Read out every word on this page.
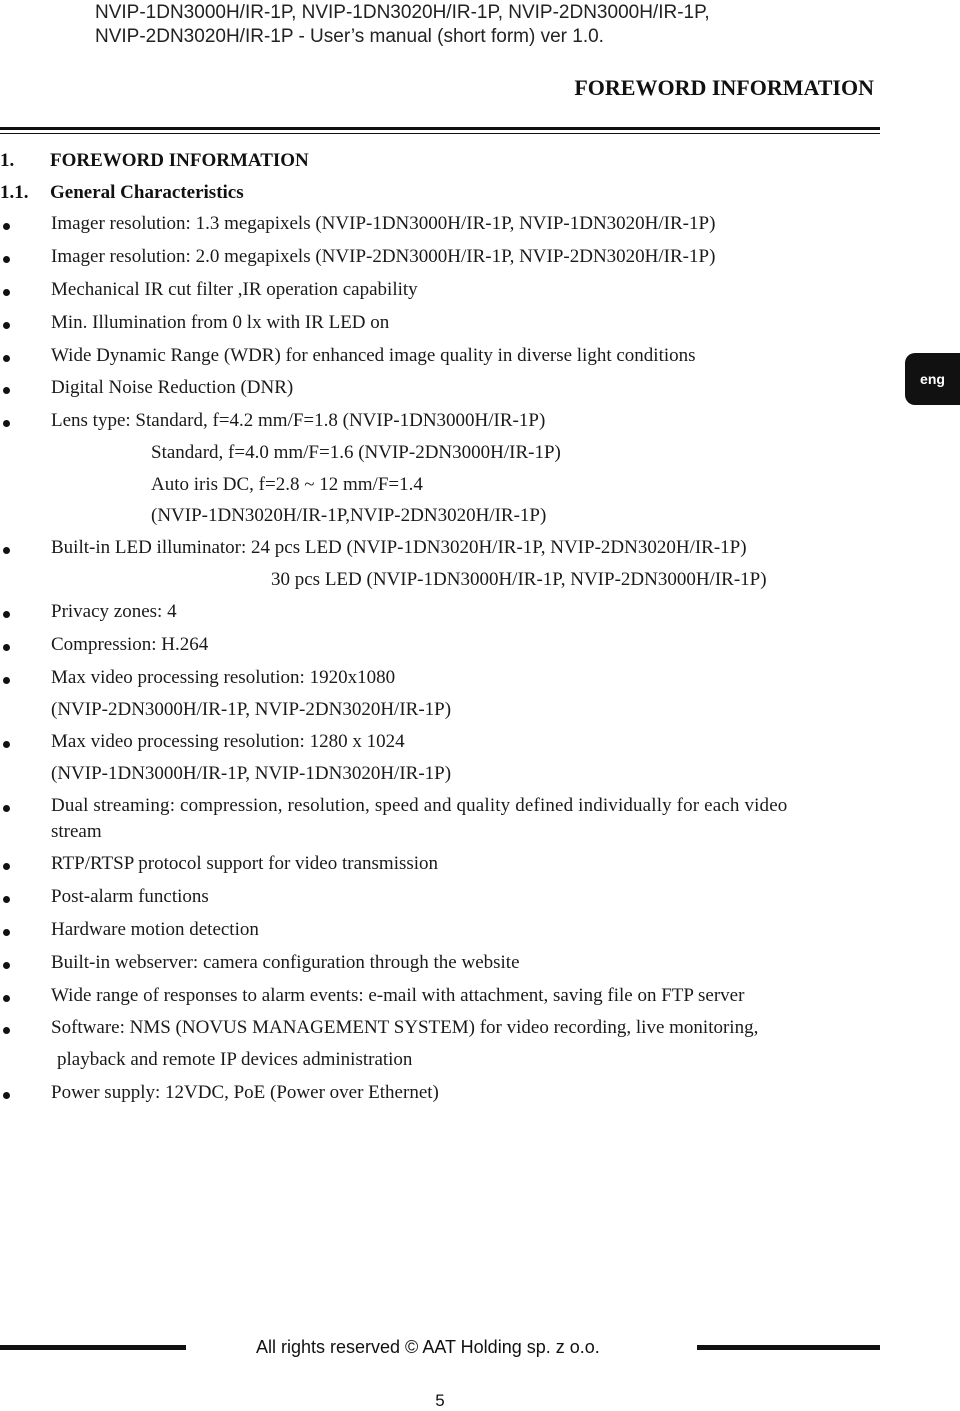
NVIP-1DN3000H/IR-1P, NVIP-1DN3020H/IR-1P, NVIP-2DN3000H/IR-1P,
NVIP-2DN3020H/IR-1P - User’s manual (short form) ver 1.0.
FOREWORD INFORMATION
1. FOREWORD INFORMATION
1.1. General Characteristics
Imager resolution: 1.3 megapixels (NVIP-1DN3000H/IR-1P, NVIP-1DN3020H/IR-1P)
Imager resolution: 2.0 megapixels (NVIP-2DN3000H/IR-1P, NVIP-2DN3020H/IR-1P)
Mechanical IR cut filter ,IR operation capability
Min. Illumination from 0 lx with IR LED on
Wide Dynamic Range (WDR) for enhanced image quality in diverse light conditions
Digital Noise Reduction (DNR)
Lens type: Standard, f=4.2 mm/F=1.8 (NVIP-1DN3000H/IR-1P)
Standard, f=4.0 mm/F=1.6 (NVIP-2DN3000H/IR-1P)
Auto iris DC, f=2.8 ~ 12 mm/F=1.4
(NVIP-1DN3020H/IR-1P,NVIP-2DN3020H/IR-1P)
Built-in LED illuminator: 24 pcs LED (NVIP-1DN3020H/IR-1P, NVIP-2DN3020H/IR-1P)
30 pcs LED (NVIP-1DN3000H/IR-1P, NVIP-2DN3000H/IR-1P)
Privacy zones: 4
Compression: H.264
Max video processing resolution: 1920x1080
(NVIP-2DN3000H/IR-1P, NVIP-2DN3020H/IR-1P)
Max video processing resolution: 1280 x 1024
(NVIP-1DN3000H/IR-1P, NVIP-1DN3020H/IR-1P)
Dual streaming: compression, resolution, speed and quality defined individually for each video
stream
RTP/RTSP protocol support for video transmission
Post-alarm functions
Hardware motion detection
Built-in webserver: camera configuration through the website
Wide range of responses to alarm events: e-mail with attachment, saving file on FTP server
Software: NMS (NOVUS MANAGEMENT SYSTEM) for video recording, live monitoring,
playback and remote IP devices administration
Power supply: 12VDC, PoE (Power over Ethernet)
eng
All rights reserved © AAT Holding sp. z o.o.
5
